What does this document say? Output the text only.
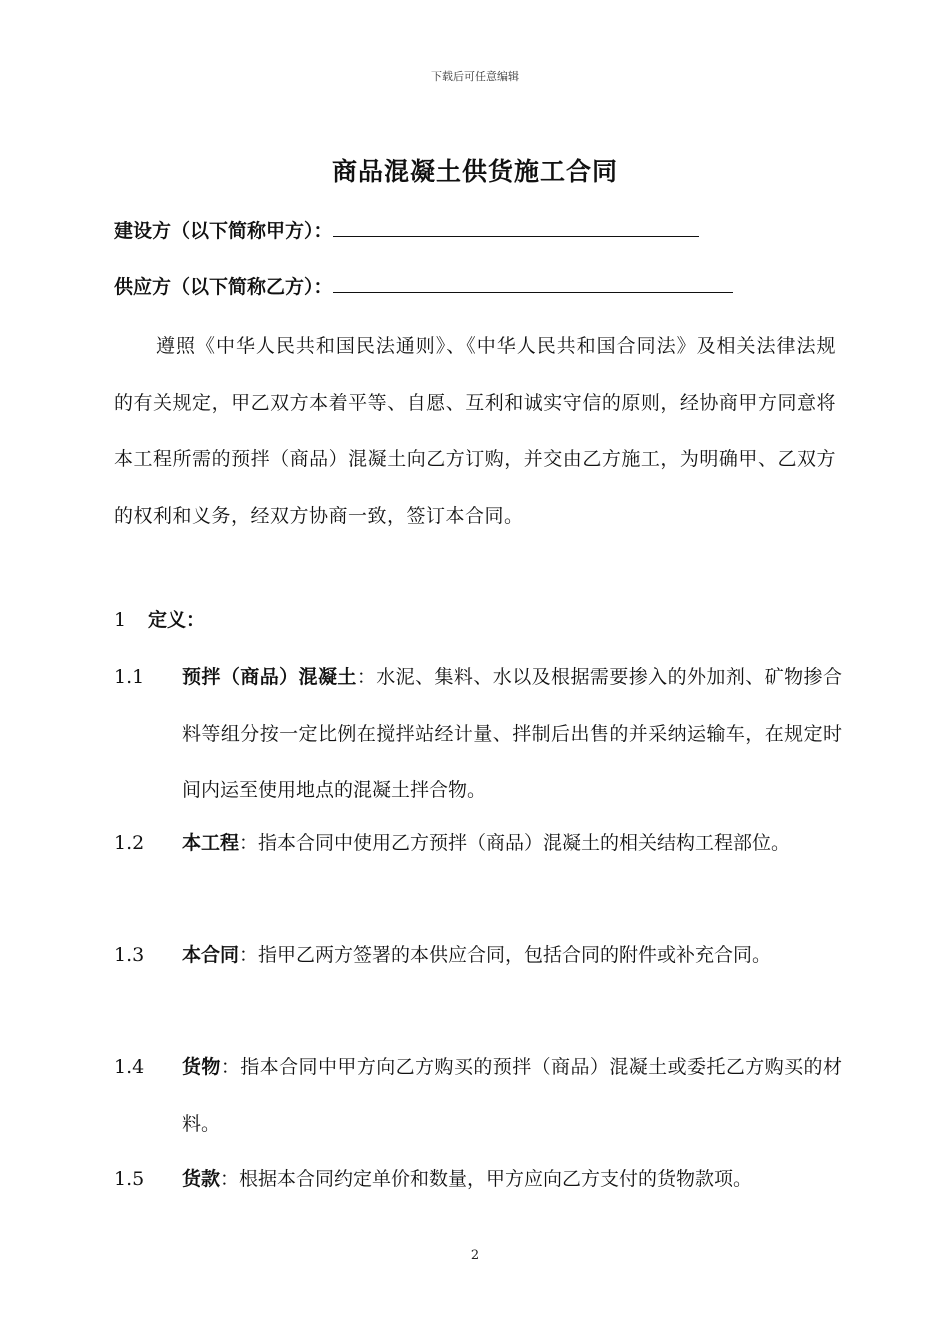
下载后可任意编辑
商品混凝土供货施工合同
建设方（以下简称甲方）：
供应方（以下简称乙方）：
遵照《中华人民共和国民法通则》、《中华人民共和国合同法》及相关法律法规的有关规定，甲乙双方本着平等、自愿、互利和诚实守信的原则，经协商甲方同意将本工程所需的预拌（商品）混凝土向乙方订购，并交由乙方施工，为明确甲、乙双方的权利和义务，经双方协商一致，签订本合同。
1 定义：
1.1	预拌（商品）混凝土：水泥、集料、水以及根据需要掺入的外加剂、矿物掺合料等组分按一定比例在搅拌站经计量、拌制后出售的并采纳运输车，在规定时间内运至使用地点的混凝土拌合物。
1.2	本工程：指本合同中使用乙方预拌（商品）混凝土的相关结构工程部位。
1.3	本合同：指甲乙两方签署的本供应合同，包括合同的附件或补充合同。
1.4	货物：指本合同中甲方向乙方购买的预拌（商品）混凝土或委托乙方购买的材料。
1.5	货款：根据本合同约定单价和数量，甲方应向乙方支付的货物款项。
2
